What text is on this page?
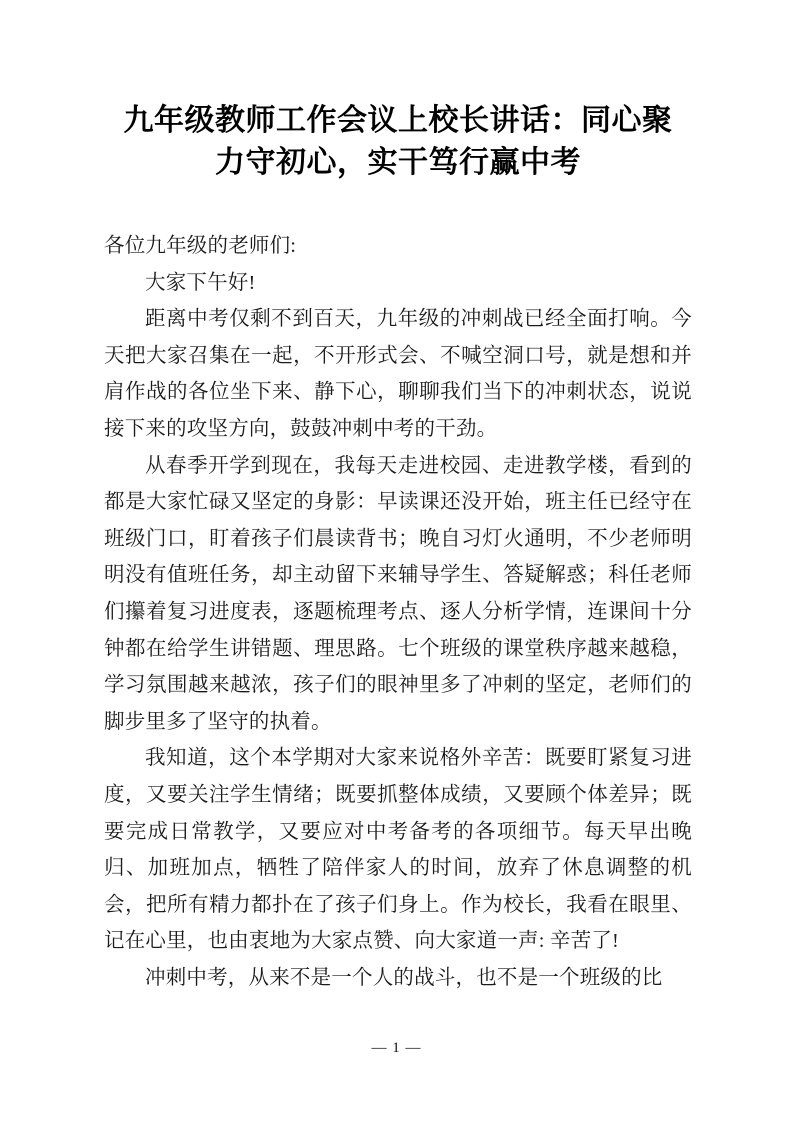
九年级教师工作会议上校长讲话：同心聚 力守初心，实干笃行赢中考

各位九年级的老师们:

大家下午好!

距离中考仅剩不到百天，九年级的冲刺战已经全面打响。今天把大家召集在一起，不开形式会、不喊空洞口号，就是想和并肩作战的各位坐下来、静下心，聊聊我们当下的冲刺状态，说说接下来的攻坚方向，鼓鼓冲刺中考的干劲。

从春季开学到现在，我每天走进校园、走进教学楼，看到的都是大家忙碌又坚定的身影：早读课还没开始，班主任已经守在班级门口，盯着孩子们晨读背书；晚自习灯火通明，不少老师明明没有值班任务，却主动留下来辅导学生、答疑解惑；科任老师们攥着复习进度表，逐题梳理考点、逐人分析学情，连课间十分钟都在给学生讲错题、理思路。七个班级的课堂秩序越来越稳，学习氛围越来越浓，孩子们的眼神里多了冲刺的坚定，老师们的脚步里多了坚守的执着。

我知道，这个本学期对大家来说格外辛苦：既要盯紧复习进度，又要关注学生情绪；既要抓整体成绩，又要顾个体差异；既要完成日常教学，又要应对中考备考的各项细节。每天早出晚归、加班加点，牺牲了陪伴家人的时间，放弃了休息调整的机会，把所有精力都扑在了孩子们身上。作为校长，我看在眼里、记在心里，也由衷地为大家点赞、向大家道一声: 辛苦了!

冲刺中考，从来不是一个人的战斗，也不是一个班级的比

— 1 —
